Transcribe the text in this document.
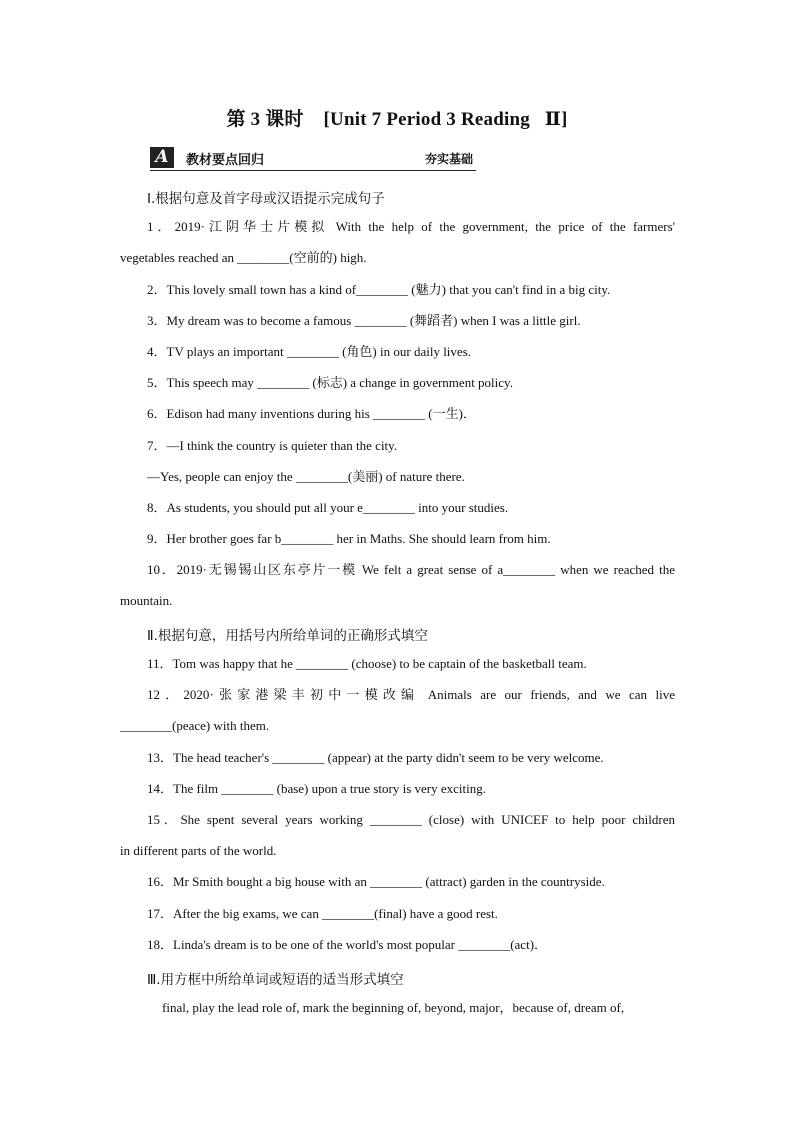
第 3 课时    [Unit 7 Period 3 Reading   Ⅱ]
A	教材要点回归	夯实基础
Ⅰ.根据句意及首字母或汉语提示完成句子
1．2019·江阴华士片模拟 With the help of the government, the price of the farmers'
vegetables reached an ________(空前的) high.
2．This lovely small town has a kind of________ (魅力) that you can't find in a big city.
3．My dream was to become a famous ________ (舞蹈者) when I was a little girl.
4．TV plays an important ________ (角色) in our daily lives.
5．This speech may ________ (标志) a change in government policy.
6．Edison had many inventions during his ________ (一生)．
7．—I think the country is quieter than the city.
—Yes, people can enjoy the ________(美丽) of nature there.
8．As students, you should put all your e________ into your studies.
9．Her brother goes far b________ her in Maths. She should learn from him.
10．2019·无锡锡山区东亭片一模 We felt a great sense of a________ when we reached the
mountain.
Ⅱ.根据句意，用括号内所给单词的正确形式填空
11．Tom was happy that he ________ (choose) to be captain of the basketball team.
12．2020·张家港梁丰初中一模改编 Animals are our friends, and we can live
________(peace) with them.
13．The head teacher's ________ (appear) at the party didn't seem to be very welcome.
14．The film ________ (base) upon a true story is very exciting.
15．She spent several years working ________ (close) with UNICEF to help poor children
in different parts of the world.
16．Mr Smith bought a big house with an ________ (attract) garden in the countryside.
17．After the big exams, we can ________(final) have a good rest.
18．Linda's dream is to be one of the world's most popular ________(act)．
Ⅲ.用方框中所给单词或短语的适当形式填空
final, play the lead role of, mark the beginning of, beyond, major，because of, dream of,
